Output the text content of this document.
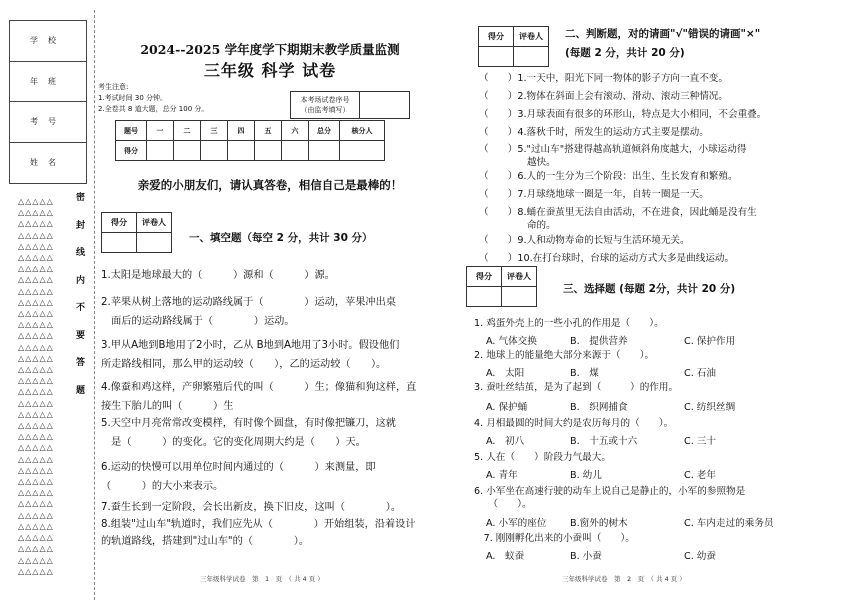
学校
年班
考号
姓名
△△△△△
△△△△△
△△△△△
△△△△△
△△△△△
△△△△△
△△△△△
△△△△△
△△△△△
△△△△△
△△△△△
△△△△△
△△△△△
△△△△△
△△△△△
△△△△△
△△△△△
△△△△△
△△△△△
△△△△△
△△△△△
△△△△△
△△△△△
△△△△△
△△△△△
△△△△△
△△△△△
△△△△△
△△△△△
△△△△△
△△△△△
△△△△△
△△△△△
△△△△△
密
封
线
内
不
要
答
题
2024--2025 学年度学下期期末教学质量监测
三年级 科学 试卷
考生注意:
1.考试时间 30 分钟。
2.全卷共 8 道大题，总分 100 分。
本考场试卷序号
（由监考填写）

题号	一	二	三	四	五	六	总分	核分人
得分								
亲爱的小朋友们，请认真答卷，相信自己是最棒的！
得分	评卷人

一、填空题（每空 2 分，共计 30 分）
1.太阳是地球最大的（　　　）源和（　　　）源。
2.苹果从树上落地的运动路线属于（　　　　）运动，苹果冲出桌
　面后的运动路线属于（　　　　）运动。
3.甲从A地到B地用了2小时，乙从 B地到A地用了3小时。假设他们
所走路线相同，那么甲的运动较（　　），乙的运动较（　　）。
4.像蚕和鸡这样，产卵繁殖后代的叫（　　　）生；像猫和狗这样，直
接生下胎儿的叫（　　　）生
5.天空中月亮常常改变模样，有时像个圆盘，有时像把镰刀，这就
　是（　　　）的变化。它的变化周期大约是（　　）天。
6.运动的快慢可以用单位时间内通过的（　　　）来测量，即
（　　　）的大小来表示。
7.蚕生长到一定阶段，会长出新皮，换下旧皮，这叫（　　　　）。
8.组装"过山车"轨道时，我们应先从（　　　　）开始组装，沿着设计
的轨道路线，搭建到"过山车"的（　　　　）。
得分	评卷人
	二、判断题，对的请画"√"错误的请画"×"
(每题 2 分，共计 20 分)
（　　）1.一天中，阳光下同一物体的影子方向一直不变。
（　　）2.物体在斜面上会有滚动、滑动、滚动三种情况。
（　　）3.月球表面有很多的环形山，特点是大小相同，不会重叠。
（　　）4.落秋千时，所发生的运动方式主要是摆动。
（　　）5."过山车"搭建得越高轨道倾斜角度越大，小球运动得
　　　　　越快。
（　　）6.人的一生分为三个阶段：出生、生长发育和繁殖。
（　　）7.月球绕地球一圈是一年，自转一圈是一天。
（　　）8.蛹在蚕茧里无法自由活动，不在进食，因此蛹是没有生
　　　　　命的。
（　　）9.人和动物寿命的长短与生活环境无关。
（　　）10.在打台球时，台球的运动方式大多是曲线运动。
得分	评卷人

三、选择题 (每题 2分，共计 20 分)
1. 鸡蛋外壳上的一些小孔的作用是（　　）。
A. 气体交换	B.　提供营养	C. 保护作用
2. 地球上的能量绝大部分来源于（　　）。
A.　太阳	B.　煤	C. 石油
3. 蚕吐丝结茧，是为了起到（　　　）的作用。
A. 保护蛹	B.　织网捕食	C. 纺织丝绸
4. 月相最圆的时间大约是农历每月的（　　）。
A.　初八	B.　十五或十六	C. 三十
5. 人在（　　）阶段力气最大。
A. 青年	B. 幼儿	C. 老年
6. 小军坐在高速行驶的动车上说自己是静止的，小军的参照物是
　　（　　）。
A. 小军的座位 B.窗外的树木	C. 车内走过的乘务员
　7. 刚刚孵化出来的小蚕叫（　　）。
A.　蚁蚕	B. 小蚕	C. 幼蚕
三年级科学试卷　第　1　页　（ 共 4 页 ）	三年级科学试卷　第　2　页　（ 共 4 页 ）
